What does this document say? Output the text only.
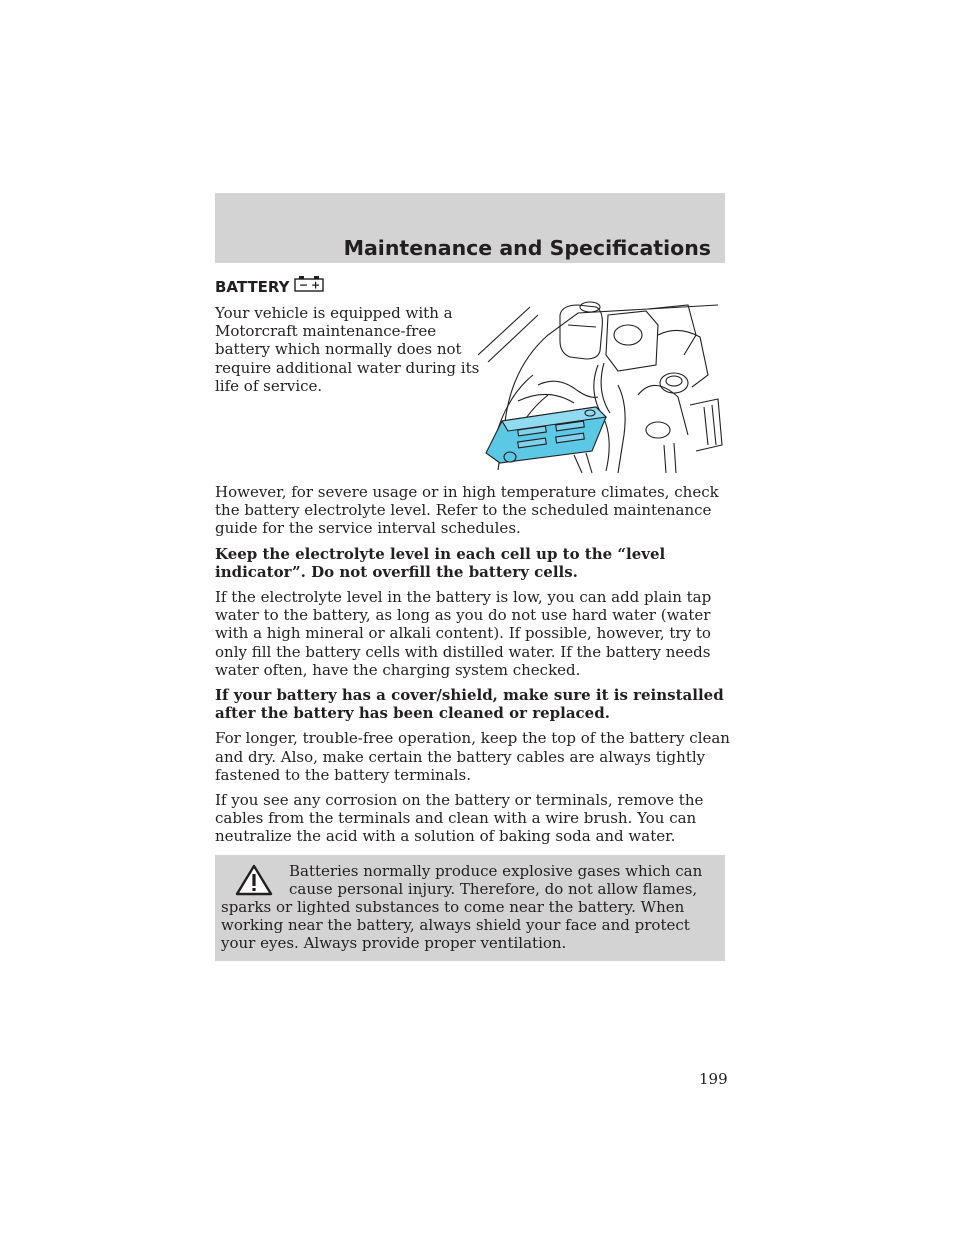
Maintenance and Specifications
BATTERY − +
Your vehicle is equipped with a Motorcraft maintenance-free battery which normally does not require additional water during its life of service.

However, for severe usage or in high temperature climates, check the battery electrolyte level. Refer to the scheduled maintenance guide for the service interval schedules.

Keep the electrolyte level in each cell up to the “level indicator”. Do not overfill the battery cells.

If the electrolyte level in the battery is low, you can add plain tap water to the battery, as long as you do not use hard water (water with a high mineral or alkali content). If possible, however, try to only fill the battery cells with distilled water. If the battery needs water often, have the charging system checked.

If your battery has a cover/shield, make sure it is reinstalled after the battery has been cleaned or replaced.

For longer, trouble-free operation, keep the top of the battery clean and dry. Also, make certain the battery cables are always tightly fastened to the battery terminals.

If you see any corrosion on the battery or terminals, remove the cables from the terminals and clean with a wire brush. You can neutralize the acid with a solution of baking soda and water.

Batteries normally produce explosive gases which can cause personal injury. Therefore, do not allow flames, sparks or lighted substances to come near the battery. When working near the battery, always shield your face and protect your eyes. Always provide proper ventilation.
199
